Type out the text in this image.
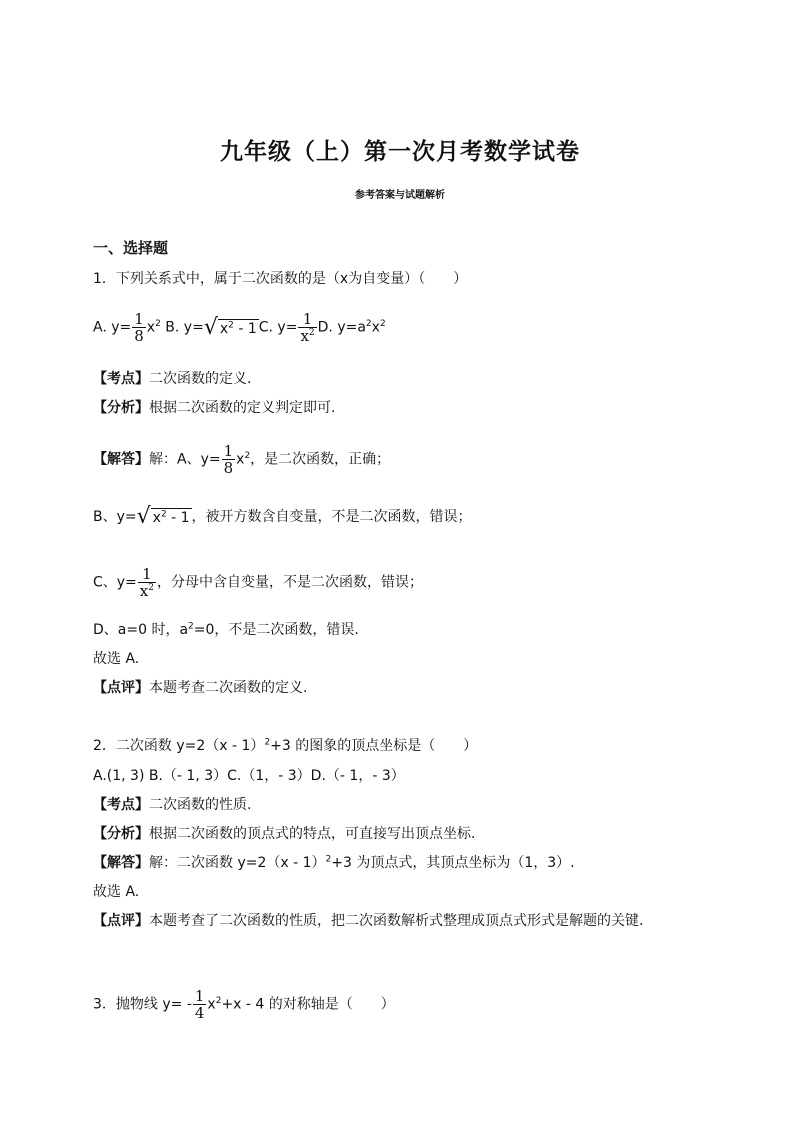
九年级（上）第一次月考数学试卷
参考答案与试题解析
一、选择题
1．下列关系式中，属于二次函数的是（x为自变量）（　　）
A. $y= \frac{1}{8} x^2$ B. y=√ $x^2 - 1$ C. $y= \frac{1}{x^2} D$. $y=a^2x^2$
【考点】二次函数的定义.
【分析】根据二次函数的定义判定即可.
【解答】解：A、$y= \frac{1}{8} x^2$，是二次函数，正确；
B、y=√ $x^2 - 1$ ，被开方数含自变量，不是二次函数，错误；
C、$y= \frac{1}{x^2}$ ，分母中含自变量，不是二次函数，错误；
D、a=0 时，$a^2=0$，不是二次函数，错误.
故选 A.
【点评】本题考查二次函数的定义.
2．二次函数 y=2（x - 1）$^2$+3 的图象的顶点坐标是（　　）
A.(1, 3) B.（- 1, 3）C.（1，- 3）D.（- 1，- 3）
【考点】二次函数的性质.
【分析】根据二次函数的顶点式的特点，可直接写出顶点坐标.
【解答】解：二次函数 y=2（x - 1）$^2$+3 为顶点式，其顶点坐标为（1，3）.
故选 A.
【点评】本题考查了二次函数的性质，把二次函数解析式整理成顶点式形式是解题的关键.
3．抛物线 $y= - \frac{1}{4} x^2+x - 4$ 的对称轴是（　　）
